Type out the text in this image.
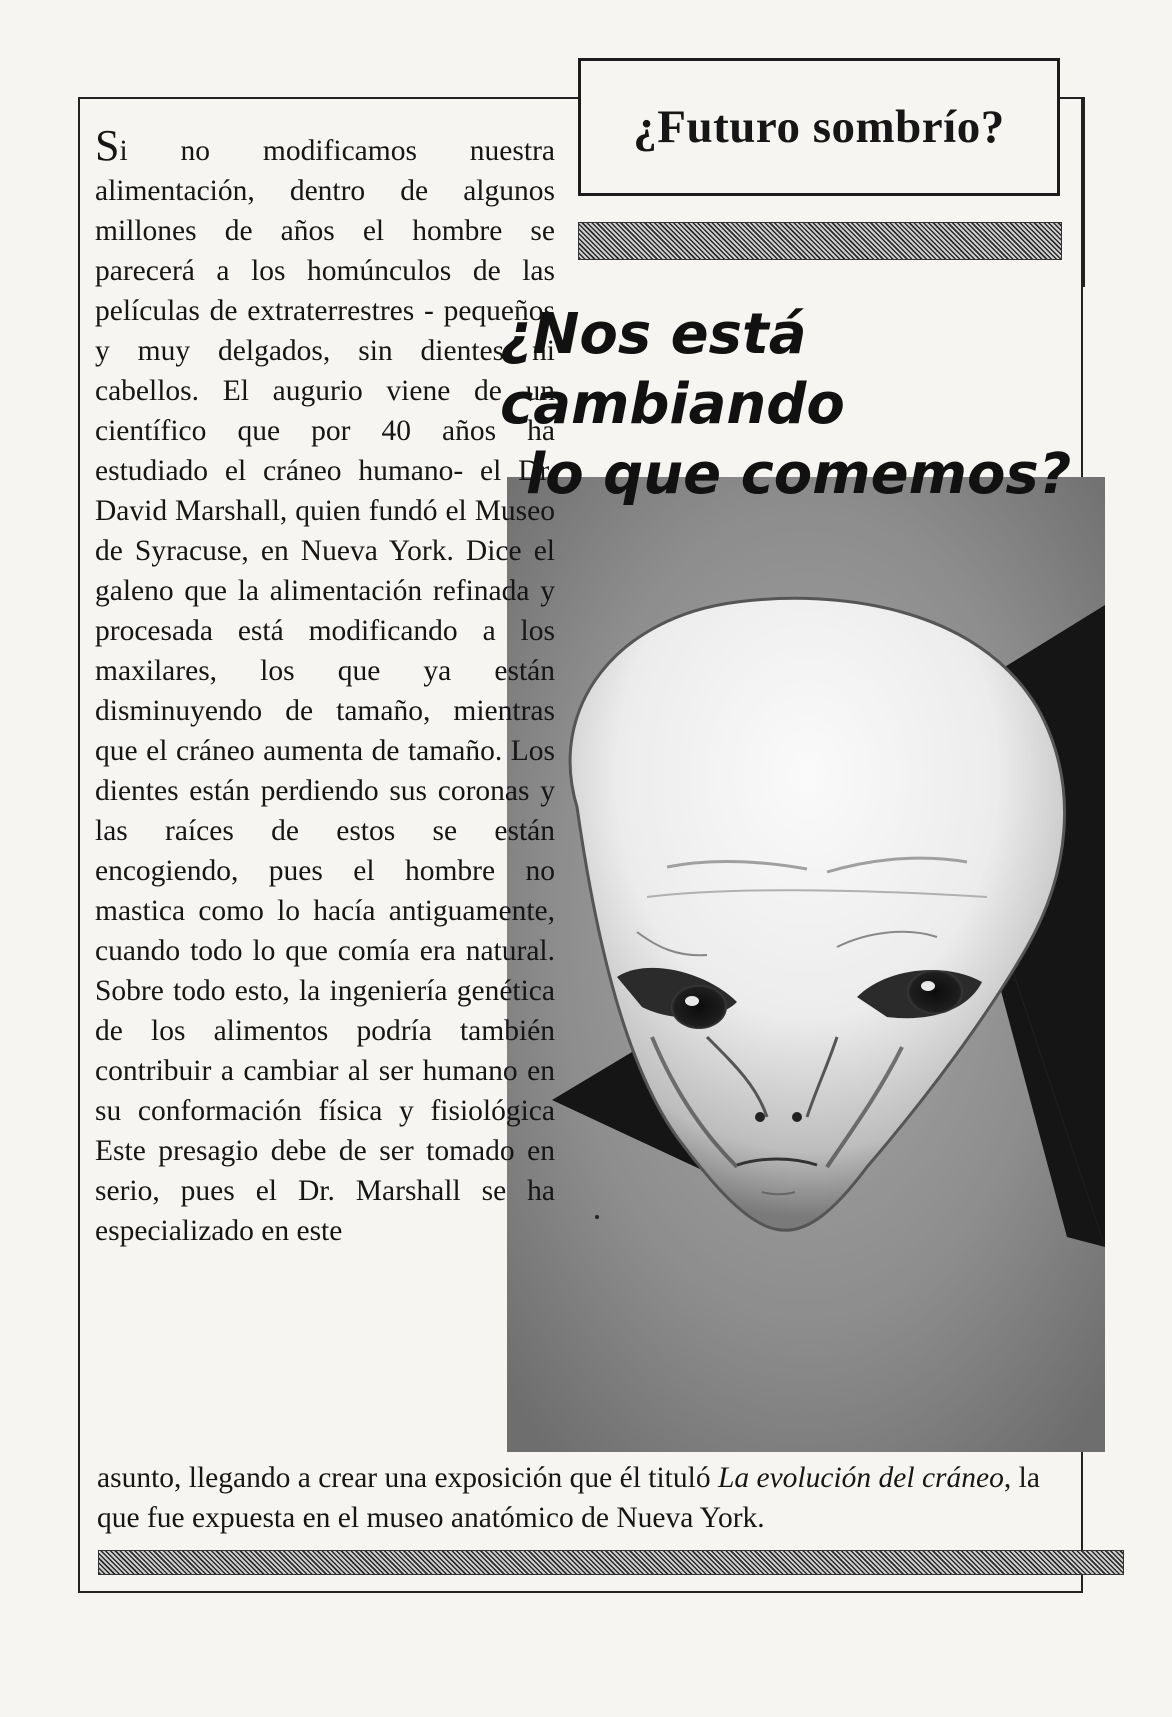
¿Futuro sombrío?
¿Nos está cambiando
lo que comemos?

Si no modificamos nuestra alimentación, dentro de algunos millones de años el hombre se parecerá a los homúnculos de las películas de extraterrestres - pequeños y muy delgados, sin dientes ni cabellos. El augurio viene de un científico que por 40 años ha estudiado el cráneo humano- el Dr. David Marshall, quien fundó el Museo de Syracuse, en Nueva York. Dice el galeno que la alimentación refinada y procesada está modificando a los maxilares, los que ya están disminuyendo de tamaño, mientras que el cráneo aumenta de tamaño. Los dientes están perdiendo sus coronas y las raíces de estos se están encogiendo, pues el hombre no mastica como lo hacía antiguamente, cuando todo lo que comía era natural. Sobre todo esto, la ingeniería genética de los alimentos podría también contribuir a cambiar al ser humano en su conformación física y fisiológica Este presagio debe de ser tomado en serio, pues el Dr. Marshall se ha especializado en este

asunto, llegando a crear una exposición que él tituló La evolución del cráneo, la que fue expuesta en el museo anatómico de Nueva York.
